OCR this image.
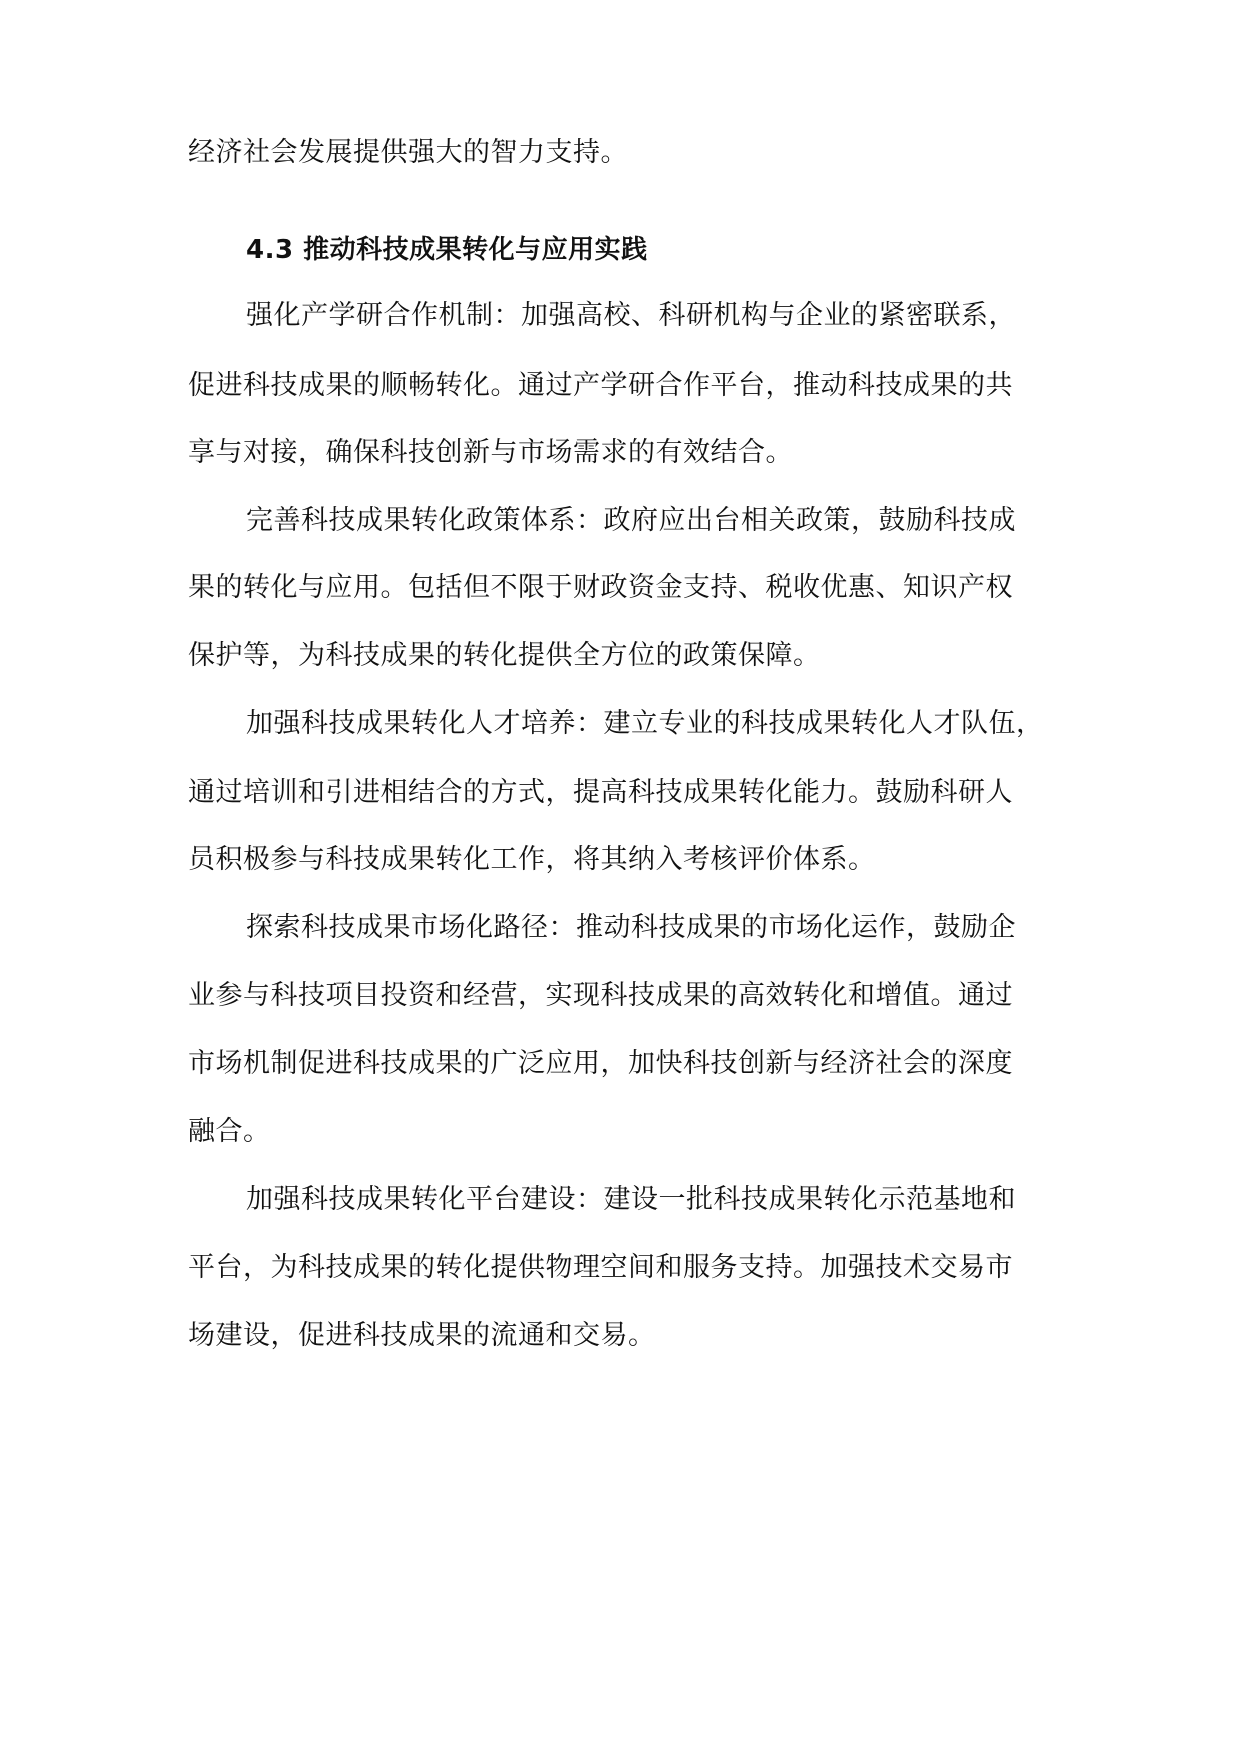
经济社会发展提供强大的智力支持。
4.3 推动科技成果转化与应用实践
强化产学研合作机制：加强高校、科研机构与企业的紧密联系，
促进科技成果的顺畅转化。通过产学研合作平台，推动科技成果的共
享与对接，确保科技创新与市场需求的有效结合。
完善科技成果转化政策体系：政府应出台相关政策，鼓励科技成
果的转化与应用。包括但不限于财政资金支持、税收优惠、知识产权
保护等，为科技成果的转化提供全方位的政策保障。
加强科技成果转化人才培养：建立专业的科技成果转化人才队伍，
通过培训和引进相结合的方式，提高科技成果转化能力。鼓励科研人
员积极参与科技成果转化工作，将其纳入考核评价体系。
探索科技成果市场化路径：推动科技成果的市场化运作，鼓励企
业参与科技项目投资和经营，实现科技成果的高效转化和增值。通过
市场机制促进科技成果的广泛应用，加快科技创新与经济社会的深度
融合。
加强科技成果转化平台建设：建设一批科技成果转化示范基地和
平台，为科技成果的转化提供物理空间和服务支持。加强技术交易市
场建设，促进科技成果的流通和交易。
